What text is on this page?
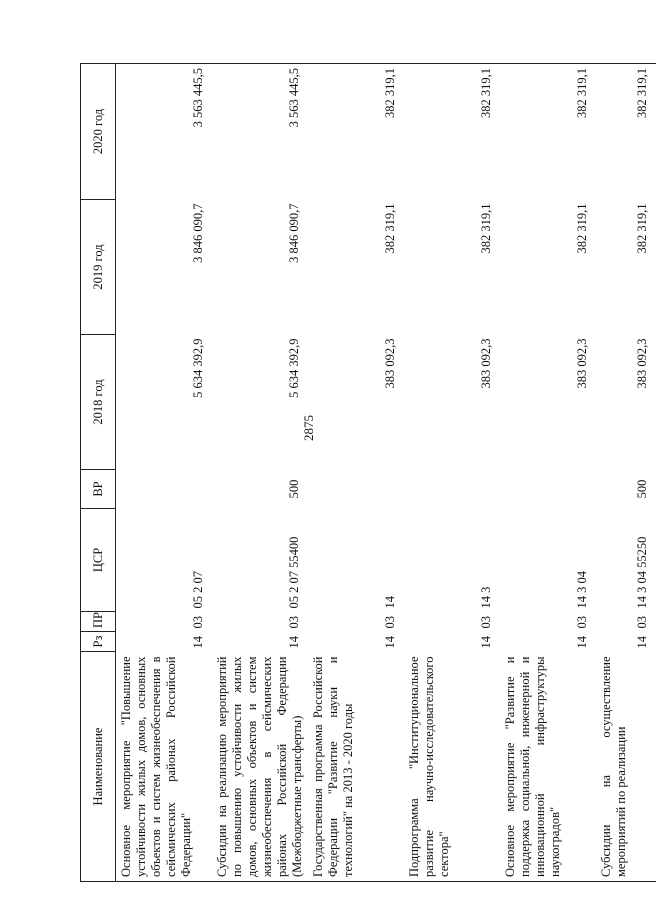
2875
Наименование	Рз	ПР	ЦСР	ВР	2018 год	2019 год	2020 год

Основное мероприятие "Повышение устойчивости жилых домов, основных объектов и систем жизнеобеспечения в сейсмических районах Российской Федерации"	14	03	05 2 07		5 634 392,9	3 846 090,7	3 563 445,5

Субсидии на реализацию мероприятий по повышению устойчивости жилых домов, основных объектов и систем жизнеобеспечения в сейсмических районах Российской Федерации (Межбюджетные трансферты)	14	03	05 2 07 55400	500	5 634 392,9	3 846 090,7	3 563 445,5

Государственная программа Российской Федерации "Развитие науки и технологий" на 2013 - 2020 годы	14	03	14		383 092,3	382 319,1	382 319,1

Подпрограмма "Институциональное развитие научно-исследовательского сектора"	14	03	14 3		383 092,3	382 319,1	382 319,1

Основное мероприятие "Развитие и поддержка социальной, инженерной и инновационной инфраструктуры наукоградов"	14	03	14 3 04		383 092,3	382 319,1	382 319,1

Субсидии на осуществление мероприятий по реализации	14	03	14 3 04 55250	500	383 092,3	382 319,1	382 319,1
